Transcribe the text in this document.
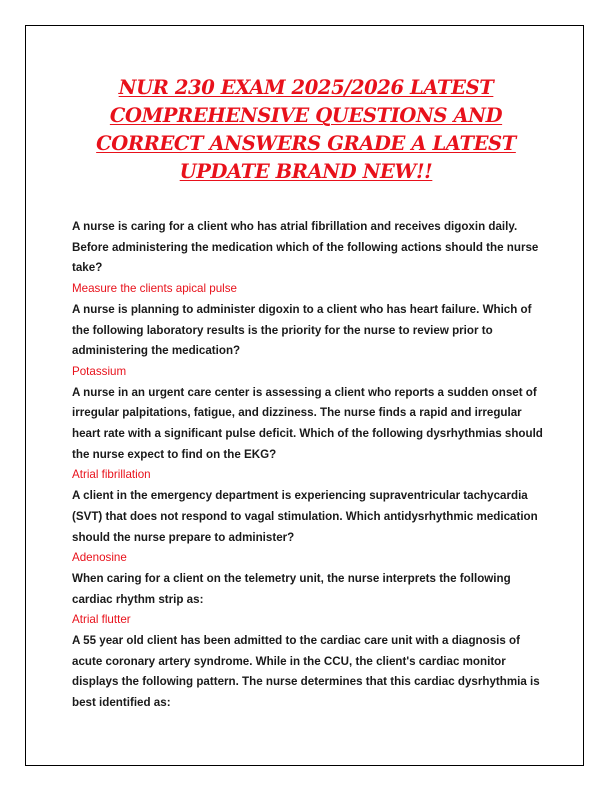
NUR 230 EXAM 2025/2026 LATEST COMPREHENSIVE QUESTIONS AND CORRECT ANSWERS GRADE A LATEST UPDATE BRAND NEW!!

A nurse is caring for a client who has atrial fibrillation and receives digoxin daily. Before administering the medication which of the following actions should the nurse take?

Measure the clients apical pulse

A nurse is planning to administer digoxin to a client who has heart failure. Which of the following laboratory results is the priority for the nurse to review prior to administering the medication?

Potassium

A nurse in an urgent care center is assessing a client who reports a sudden onset of irregular palpitations, fatigue, and dizziness. The nurse finds a rapid and irregular heart rate with a significant pulse deficit. Which of the following dysrhythmias should the nurse expect to find on the EKG?

Atrial fibrillation

A client in the emergency department is experiencing supraventricular tachycardia (SVT) that does not respond to vagal stimulation. Which antidysrhythmic medication should the nurse prepare to administer?

Adenosine

When caring for a client on the telemetry unit, the nurse interprets the following cardiac rhythm strip as:

Atrial flutter

A 55 year old client has been admitted to the cardiac care unit with a diagnosis of acute coronary artery syndrome. While in the CCU, the client's cardiac monitor displays the following pattern. The nurse determines that this cardiac dysrhythmia is best identified as:
